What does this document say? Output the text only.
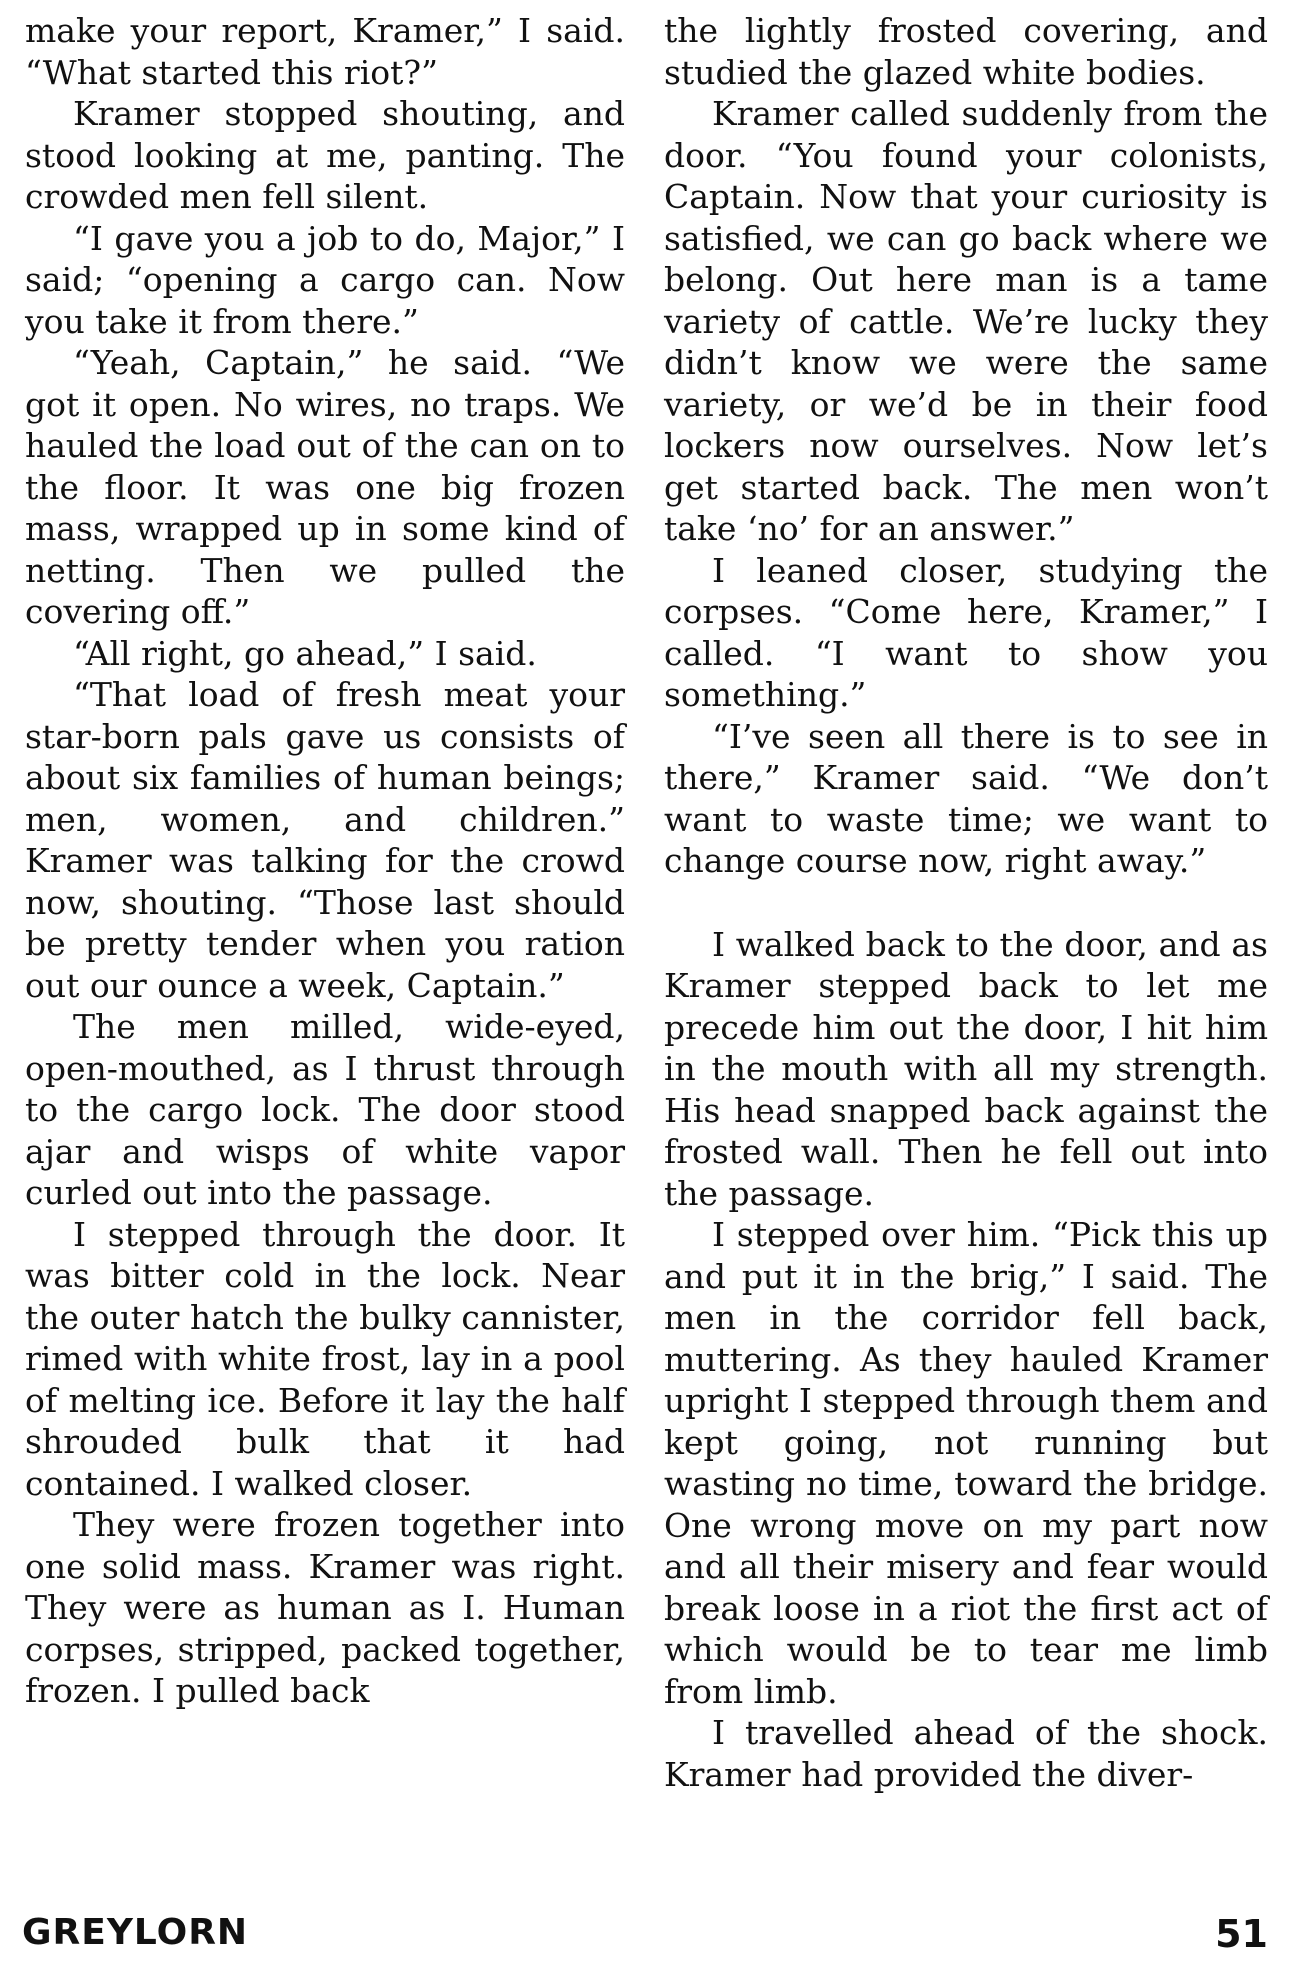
make your report, Kramer,” I said. “What started this riot?”

Kramer stopped shouting, and stood looking at me, panting. The crowded men fell silent.

“I gave you a job to do, Major,” I said; “opening a cargo can. Now you take it from there.”

“Yeah, Captain,” he said. “We got it open. No wires, no traps. We hauled the load out of the can on to the floor. It was one big frozen mass, wrapped up in some kind of netting. Then we pulled the covering off.”

“All right, go ahead,” I said.

“That load of fresh meat your star-born pals gave us consists of about six families of human beings; men, women, and children.” Kramer was talking for the crowd now, shouting. “Those last should be pretty tender when you ration out our ounce a week, Captain.”

The men milled, wide-eyed, open-mouthed, as I thrust through to the cargo lock. The door stood ajar and wisps of white vapor curled out into the passage.

I stepped through the door. It was bitter cold in the lock. Near the outer hatch the bulky cannister, rimed with white frost, lay in a pool of melting ice. Before it lay the half shrouded bulk that it had contained. I walked closer.

They were frozen together into one solid mass. Kramer was right. They were as human as I. Human corpses, stripped, packed together, frozen. I pulled back

the lightly frosted covering, and studied the glazed white bodies.

Kramer called suddenly from the door. “You found your colonists, Captain. Now that your curiosity is satisfied, we can go back where we belong. Out here man is a tame variety of cattle. We’re lucky they didn’t know we were the same variety, or we’d be in their food lockers now ourselves. Now let’s get started back. The men won’t take ‘no’ for an answer.”

I leaned closer, studying the corpses. “Come here, Kramer,” I called. “I want to show you something.”

“I’ve seen all there is to see in there,” Kramer said. “We don’t want to waste time; we want to change course now, right away.”

I walked back to the door, and as Kramer stepped back to let me precede him out the door, I hit him in the mouth with all my strength. His head snapped back against the frosted wall. Then he fell out into the passage.

I stepped over him. “Pick this up and put it in the brig,” I said. The men in the corridor fell back, muttering. As they hauled Kramer upright I stepped through them and kept going, not running but wasting no time, toward the bridge. One wrong move on my part now and all their misery and fear would break loose in a riot the first act of which would be to tear me limb from limb.

I travelled ahead of the shock. Kramer had provided the diver-

GREYLORN	51
